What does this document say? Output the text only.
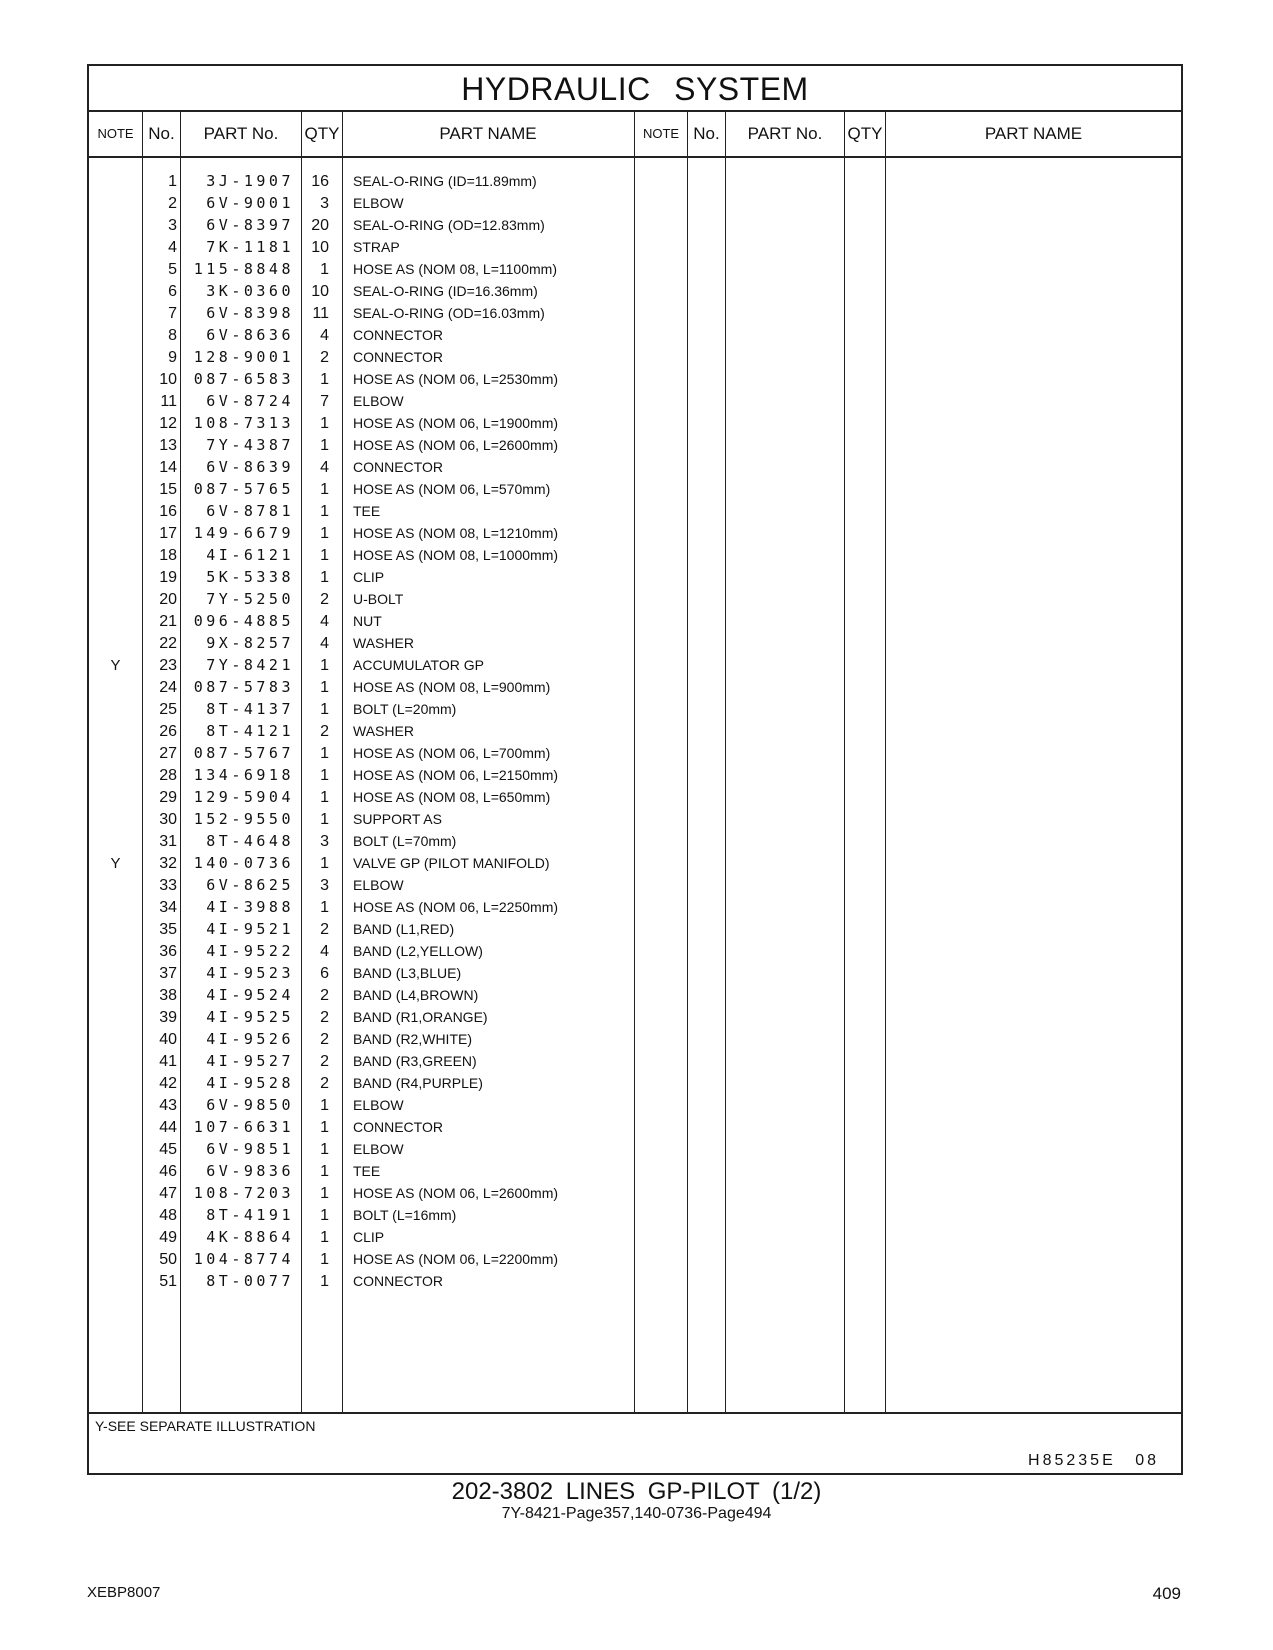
HYDRAULIC SYSTEM
NOTE No.	PART No.	QTY	PART NAME	NOTE No.	PART No.	QTY	PART NAME
1	3J-1907	16 SEAL-O-RING (ID=11.89mm)
2	6V-9001	3 ELBOW
3	6V-8397	20 SEAL-O-RING (OD=12.83mm)
4	7K-1181	10 STRAP
5	115-8848	1 HOSE AS (NOM 08, L=1100mm)
6	3K-0360	10 SEAL-O-RING (ID=16.36mm)
7	6V-8398	11 SEAL-O-RING (OD=16.03mm)
8	6V-8636	4 CONNECTOR
9	128-9001	2 CONNECTOR
10	087-6583	1 HOSE AS (NOM 06, L=2530mm)
11	6V-8724	7 ELBOW
12	108-7313	1 HOSE AS (NOM 06, L=1900mm)
13	7Y-4387	1 HOSE AS (NOM 06, L=2600mm)
14	6V-8639	4 CONNECTOR
15	087-5765	1 HOSE AS (NOM 06, L=570mm)
16	6V-8781	1 TEE
17	149-6679	1 HOSE AS (NOM 08, L=1210mm)
18	4I-6121	1 HOSE AS (NOM 08, L=1000mm)
19	5K-5338	1 CLIP
20	7Y-5250	2 U-BOLT
21	096-4885	4 NUT
22	9X-8257	4 WASHER
Y	23	7Y-8421	1 ACCUMULATOR GP
24	087-5783	1 HOSE AS (NOM 08, L=900mm)
25	8T-4137	1 BOLT (L=20mm)
26	8T-4121	2 WASHER
27	087-5767	1 HOSE AS (NOM 06, L=700mm)
28	134-6918	1 HOSE AS (NOM 06, L=2150mm)
29	129-5904	1 HOSE AS (NOM 08, L=650mm)
30	152-9550	1 SUPPORT AS
31	8T-4648	3 BOLT (L=70mm)
Y	32	140-0736	1 VALVE GP (PILOT MANIFOLD)
33	6V-8625	3 ELBOW
34	4I-3988	1 HOSE AS (NOM 06, L=2250mm)
35	4I-9521	2 BAND (L1,RED)
36	4I-9522	4 BAND (L2,YELLOW)
37	4I-9523	6 BAND (L3,BLUE)
38	4I-9524	2 BAND (L4,BROWN)
39	4I-9525	2 BAND (R1,ORANGE)
40	4I-9526	2 BAND (R2,WHITE)
41	4I-9527	2 BAND (R3,GREEN)
42	4I-9528	2 BAND (R4,PURPLE)
43	6V-9850	1 ELBOW
44	107-6631	1 CONNECTOR
45	6V-9851	1 ELBOW
46	6V-9836	1 TEE
47	108-7203	1 HOSE AS (NOM 06, L=2600mm)
48	8T-4191	1 BOLT (L=16mm)
49	4K-8864	1 CLIP
50	104-8774	1 HOSE AS (NOM 06, L=2200mm)
51	8T-0077	1 CONNECTOR
Y-SEE SEPARATE ILLUSTRATION
H85235E 08
202-3802 LINES GP-PILOT (1/2)
7Y-8421-Page357,140-0736-Page494
XEBP8007	409
